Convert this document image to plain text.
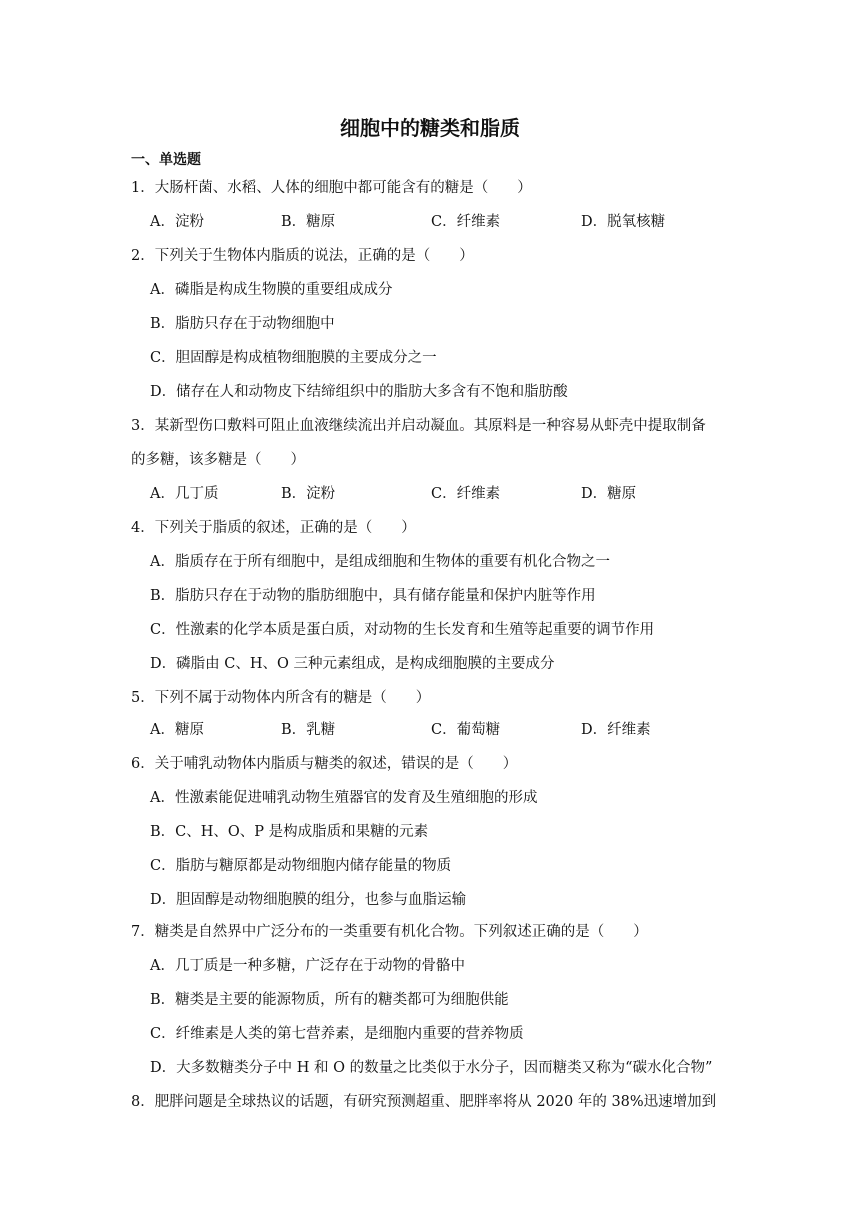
细胞中的糖类和脂质
一、单选题
1．大肠杆菌、水稻、人体的细胞中都可能含有的糖是（　　）
A．淀粉	B．糖原	C．纤维素	D．脱氧核糖
2．下列关于生物体内脂质的说法，正确的是（　　）
A．磷脂是构成生物膜的重要组成成分
B．脂肪只存在于动物细胞中
C．胆固醇是构成植物细胞膜的主要成分之一
D．储存在人和动物皮下结缔组织中的脂肪大多含有不饱和脂肪酸
3．某新型伤口敷料可阻止血液继续流出并启动凝血。其原料是一种容易从虾壳中提取制备
的多糖，该多糖是（　　）
A．几丁质	B．淀粉	C．纤维素	D．糖原
4．下列关于脂质的叙述，正确的是（　　）
A．脂质存在于所有细胞中，是组成细胞和生物体的重要有机化合物之一
B．脂肪只存在于动物的脂肪细胞中，具有储存能量和保护内脏等作用
C．性激素的化学本质是蛋白质，对动物的生长发育和生殖等起重要的调节作用
D．磷脂由 C、H、O 三种元素组成，是构成细胞膜的主要成分
5．下列不属于动物体内所含有的糖是（　　）
A．糖原	B．乳糖	C．葡萄糖	D．纤维素
6．关于哺乳动物体内脂质与糖类的叙述，错误的是（　　）
A．性激素能促进哺乳动物生殖器官的发育及生殖细胞的形成
B．C、H、O、P 是构成脂质和果糖的元素
C．脂肪与糖原都是动物细胞内储存能量的物质
D．胆固醇是动物细胞膜的组分，也参与血脂运输
7．糖类是自然界中广泛分布的一类重要有机化合物。下列叙述正确的是（　　）
A．几丁质是一种多糖，广泛存在于动物的骨骼中
B．糖类是主要的能源物质，所有的糖类都可为细胞供能
C．纤维素是人类的第七营养素，是细胞内重要的营养物质
D．大多数糖类分子中 H 和 O 的数量之比类似于水分子，因而糖类又称为“碳水化合物”
8．肥胖问题是全球热议的话题，有研究预测超重、肥胖率将从 2020 年的 38%迅速增加到
